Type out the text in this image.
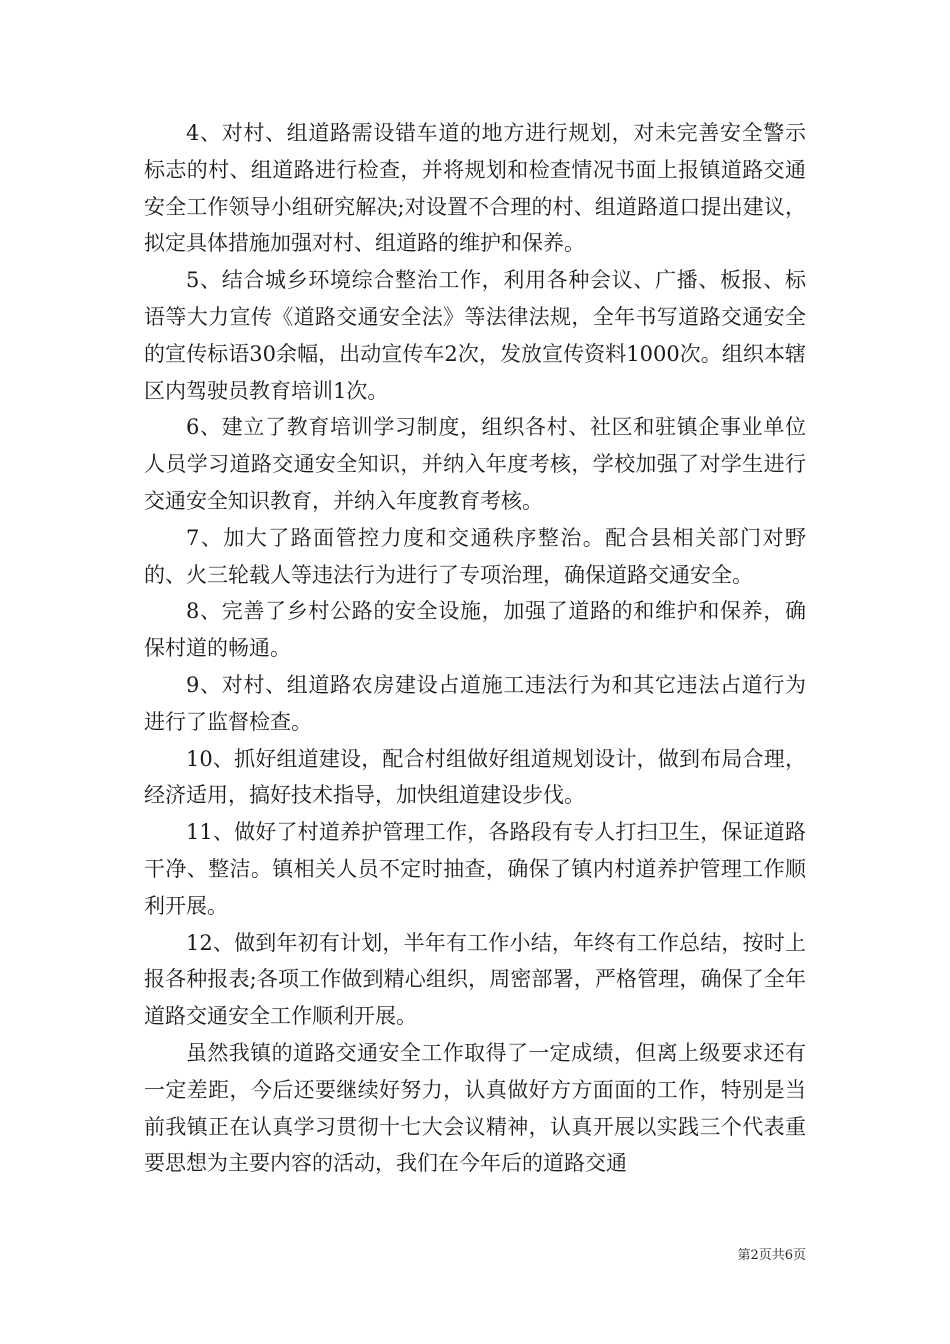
4、对村、组道路需设错车道的地方进行规划，对未完善安全警示标志的村、组道路进行检查，并将规划和检查情况书面上报镇道路交通安全工作领导小组研究解决;对设置不合理的村、组道路道口提出建议，拟定具体措施加强对村、组道路的维护和保养。

5、结合城乡环境综合整治工作，利用各种会议、广播、板报、标语等大力宣传《道路交通安全法》等法律法规，全年书写道路交通安全的宣传标语30余幅，出动宣传车2次，发放宣传资料1000次。组织本辖区内驾驶员教育培训1次。

6、建立了教育培训学习制度，组织各村、社区和驻镇企事业单位人员学习道路交通安全知识，并纳入年度考核，学校加强了对学生进行交通安全知识教育，并纳入年度教育考核。

7、加大了路面管控力度和交通秩序整治。配合县相关部门对野的、火三轮载人等违法行为进行了专项治理，确保道路交通安全。

8、完善了乡村公路的安全设施，加强了道路的和维护和保养，确保村道的畅通。

9、对村、组道路农房建设占道施工违法行为和其它违法占道行为进行了监督检查。

10、抓好组道建设，配合村组做好组道规划设计，做到布局合理，经济适用，搞好技术指导，加快组道建设步伐。

11、做好了村道养护管理工作，各路段有专人打扫卫生，保证道路干净、整洁。镇相关人员不定时抽查，确保了镇内村道养护管理工作顺利开展。

12、做到年初有计划，半年有工作小结，年终有工作总结，按时上报各种报表;各项工作做到精心组织，周密部署，严格管理，确保了全年道路交通安全工作顺利开展。

虽然我镇的道路交通安全工作取得了一定成绩，但离上级要求还有一定差距，今后还要继续好努力，认真做好方方面面的工作，特别是当前我镇正在认真学习贯彻十七大会议精神，认真开展以实践三个代表重要思想为主要内容的活动，我们在今年后的道路交通

第2页共6页
